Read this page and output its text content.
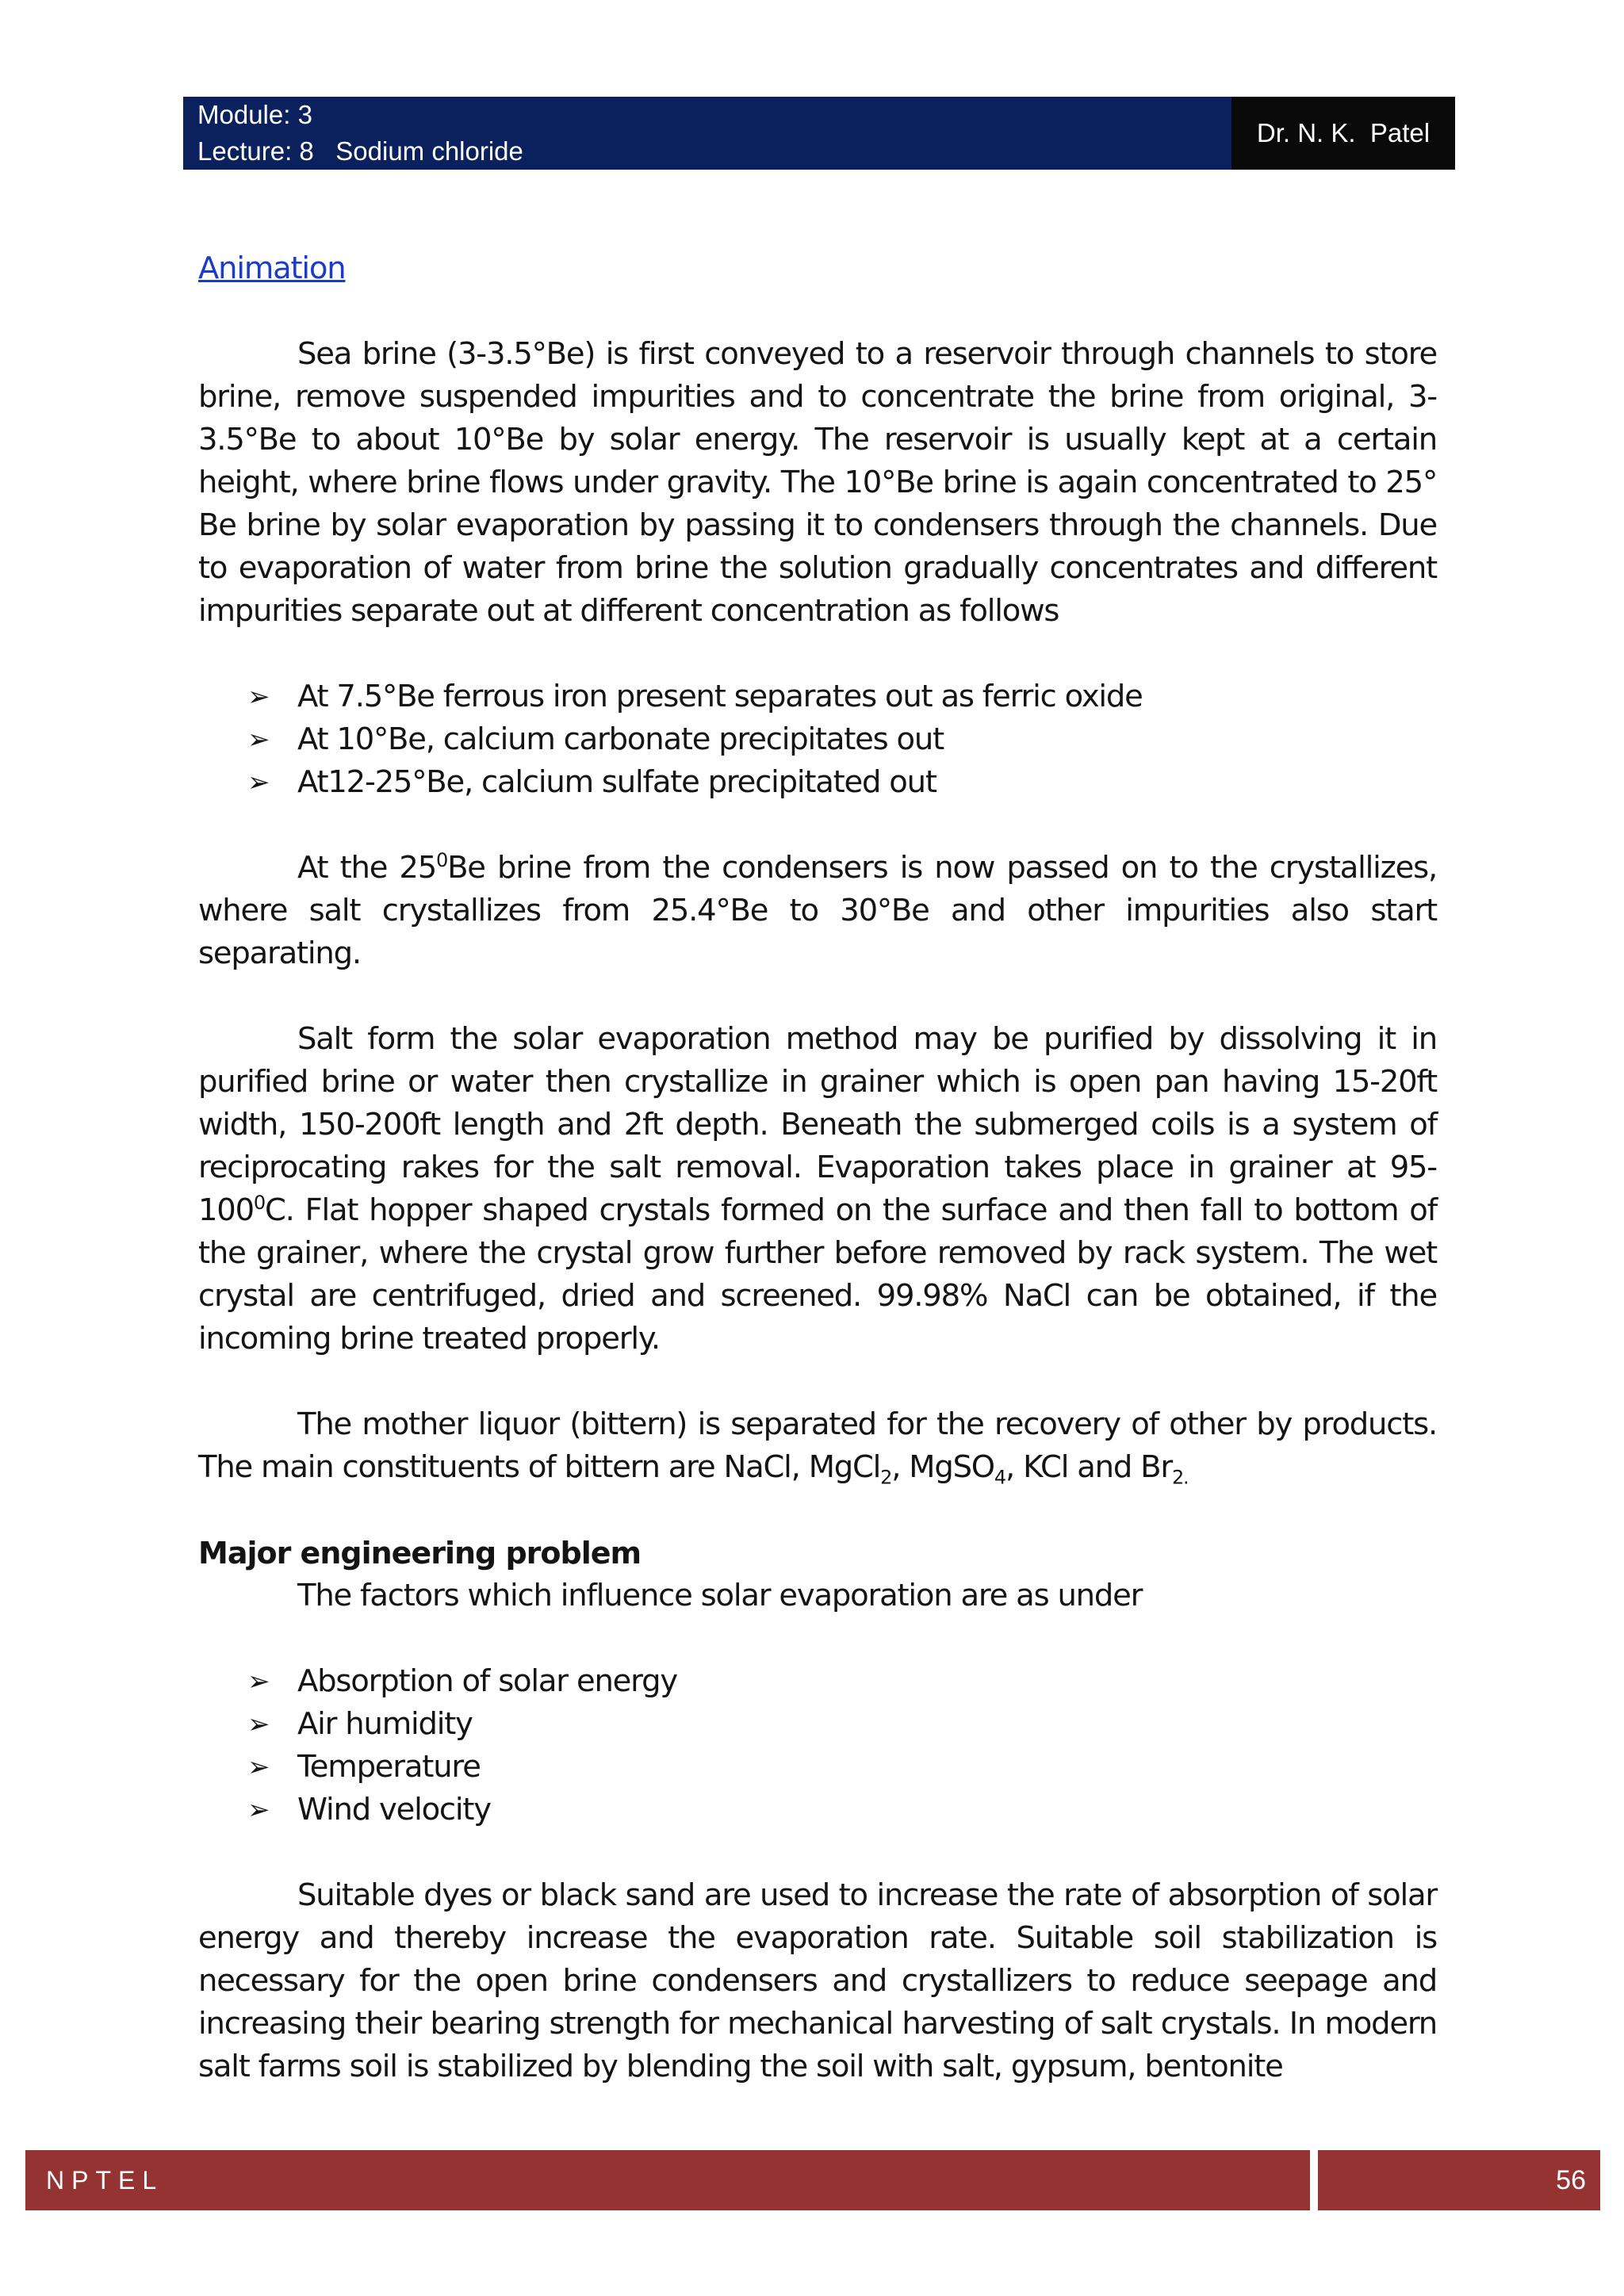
Module: 3
Lecture: 8   Sodium chloride
Dr. N. K.  Patel
Animation

Sea brine (3-3.5°Be) is first conveyed to a reservoir through channels to store brine, remove suspended impurities and to concentrate the brine from original, 3-3.5°Be to about 10°Be by solar energy. The reservoir is usually kept at a certain height, where brine flows under gravity. The 10°Be brine is again concentrated to 25° Be brine by solar evaporation by passing it to condensers through the channels. Due to evaporation of water from brine the solution gradually concentrates and different impurities separate out at different concentration as follows

➢ At 7.5°Be ferrous iron present separates out as ferric oxide
➢ At 10°Be, calcium carbonate precipitates out
➢ At12-25°Be, calcium sulfate precipitated out

At the $25^0Be$ brine from the condensers is now passed on to the crystallizes, where salt crystallizes from 25.4°Be to 30°Be and other impurities also start separating.

Salt form the solar evaporation method may be purified by dissolving it in purified brine or water then crystallize in grainer which is open pan having 15-20ft width, 150-200ft length and 2ft depth. Beneath the submerged coils is a system of reciprocating rakes for the salt removal. Evaporation takes place in grainer at $95-100^0C$. Flat hopper shaped crystals formed on the surface and then fall to bottom of the grainer, where the crystal grow further before removed by rack system. The wet crystal are centrifuged, dried and screened. 99.98% NaCl can be obtained, if the incoming brine treated properly.

The mother liquor (bittern) is separated for the recovery of other by products. The main constituents of bittern are NaCl, MgCl$_2$, MgSO$_4$, KCl and $Br_{2.}$

Major engineering problem

The factors which influence solar evaporation are as under

➢ Absorption of solar energy
➢ Air humidity
➢ Temperature
➢ Wind velocity

Suitable dyes or black sand are used to increase the rate of absorption of solar energy and thereby increase the evaporation rate. Suitable soil stabilization is necessary for the open brine condensers and crystallizers to reduce seepage and increasing their bearing strength for mechanical harvesting of salt crystals. In modern salt farms soil is stabilized by blending the soil with salt, gypsum, bentonite

NPTEL	56
